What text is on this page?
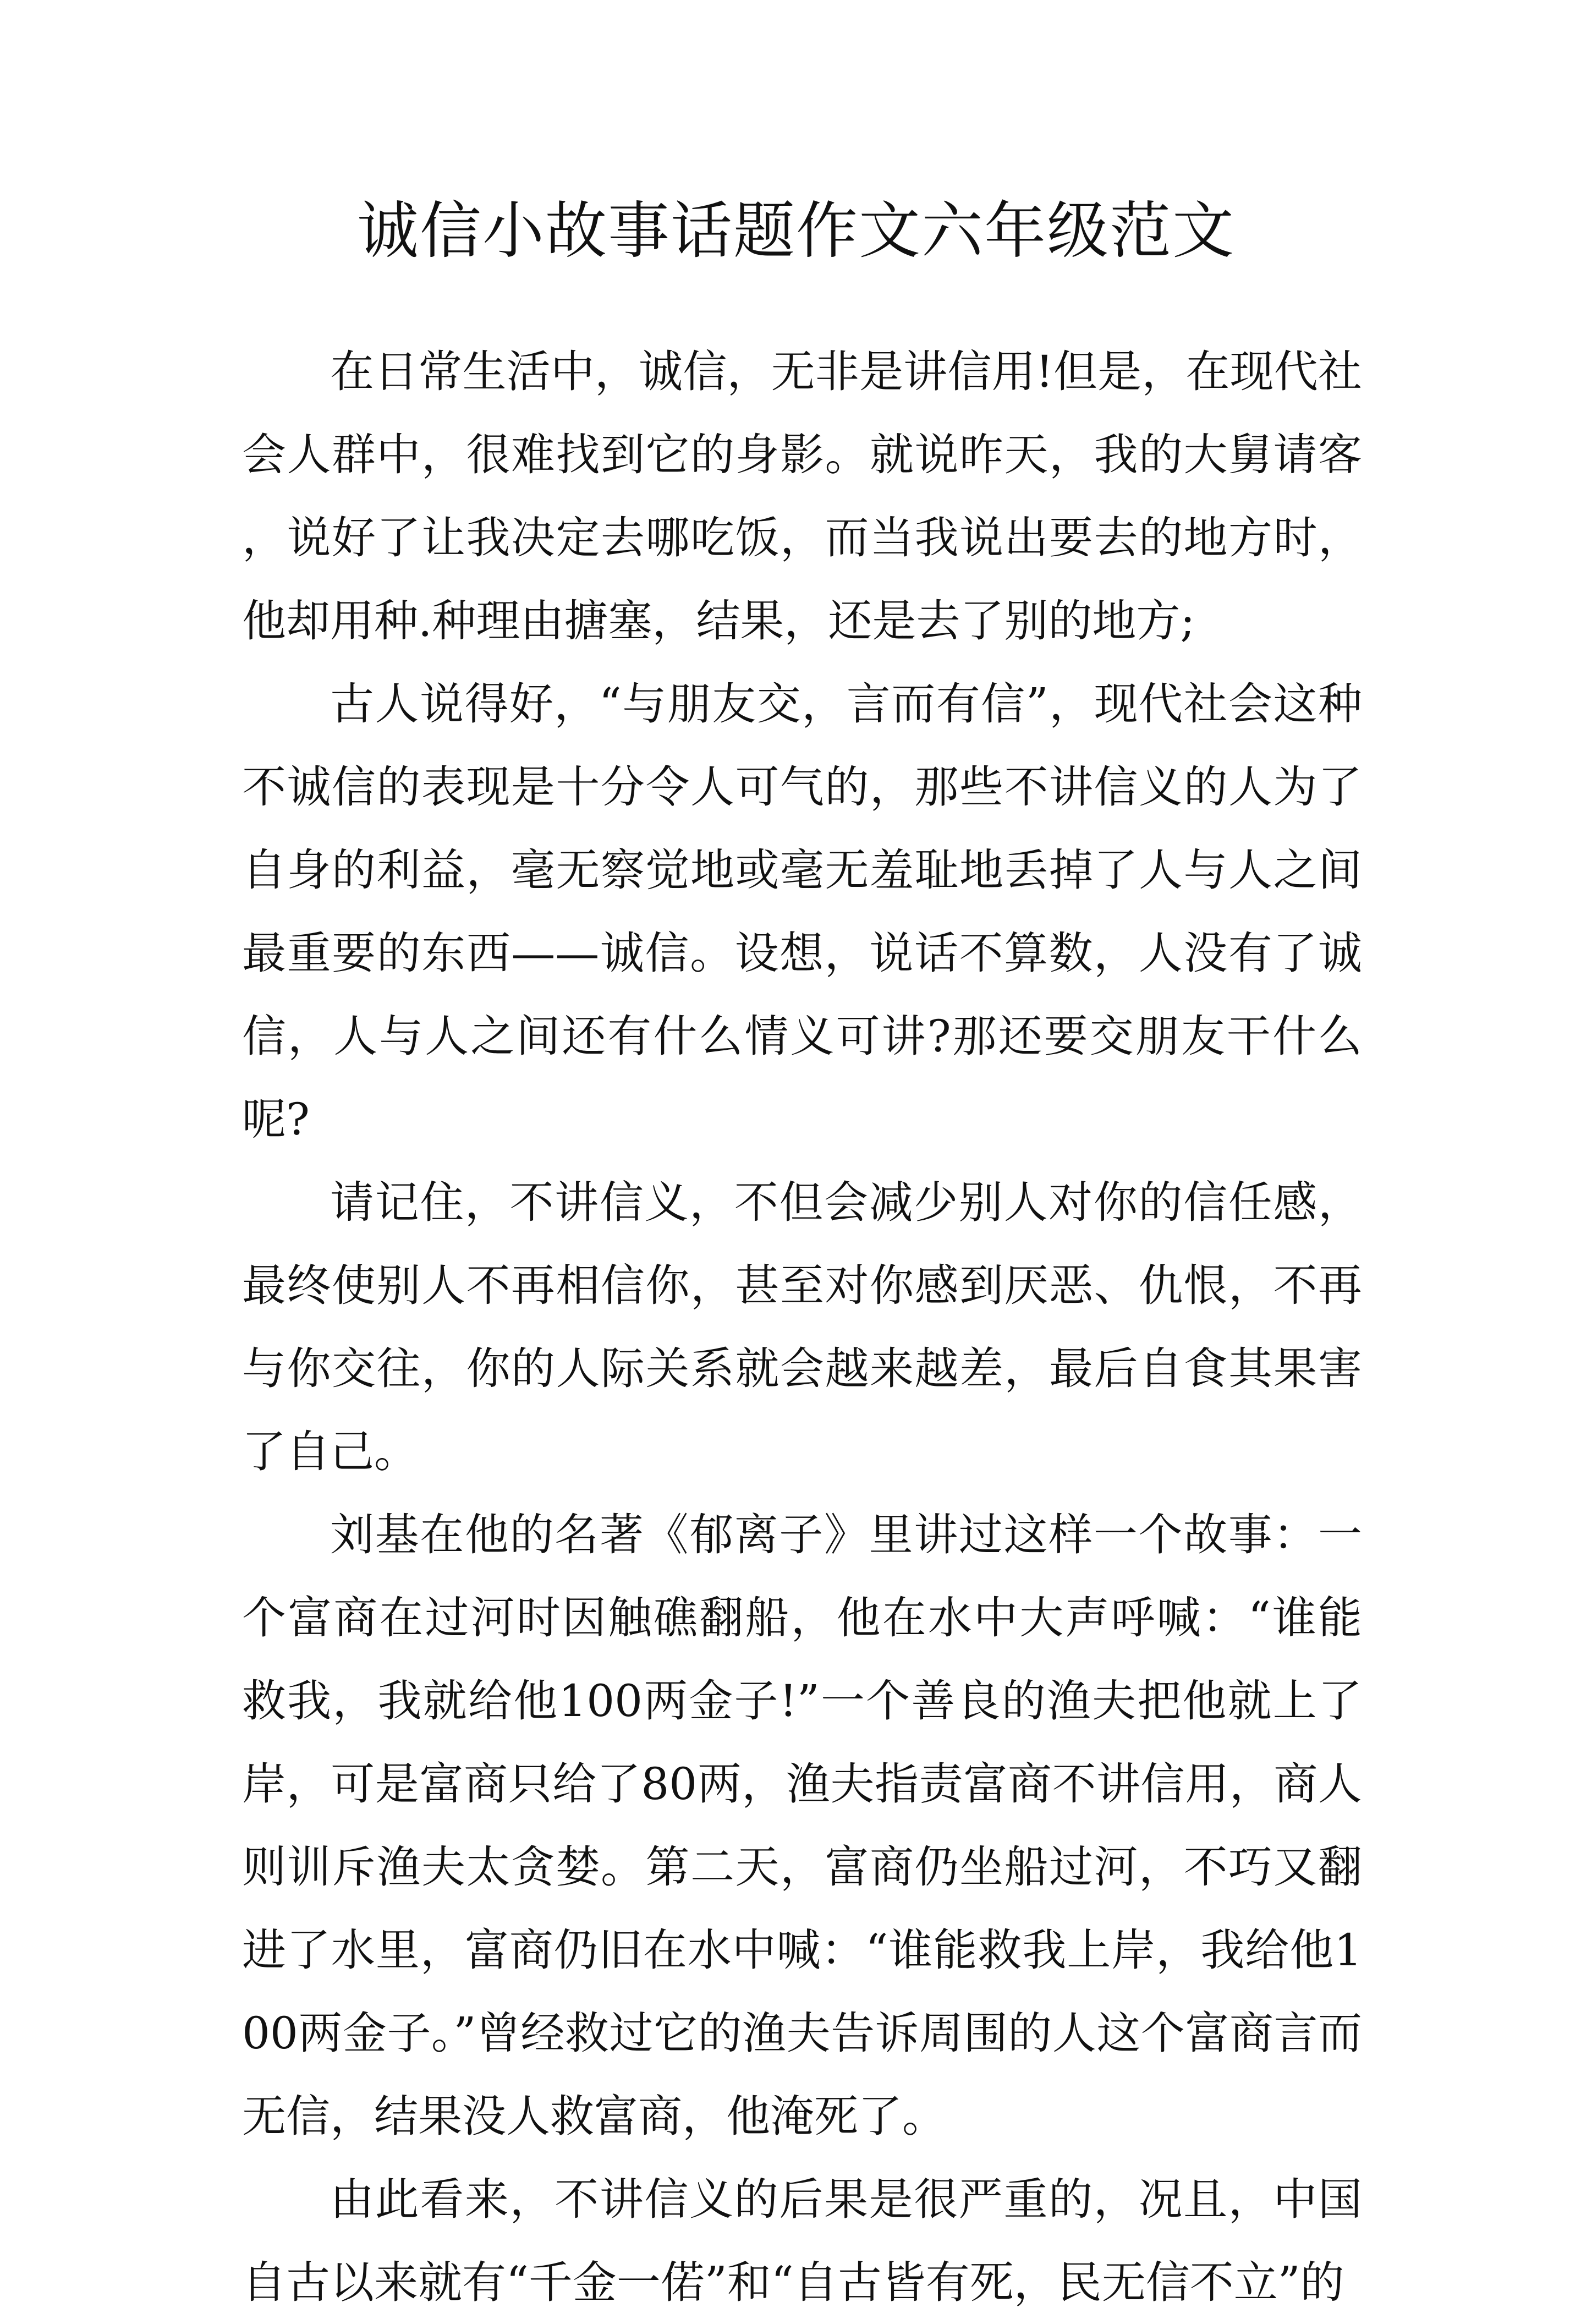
诚信小故事话题作文六年级范文

在日常生活中，诚信，无非是讲信用!但是，在现代社会人群中，很难找到它的身影。就说昨天，我的大舅请客，说好了让我决定去哪吃饭，而当我说出要去的地方时，他却用种.种理由搪塞，结果，还是去了别的地方;

古人说得好，“与朋友交，言而有信”，现代社会这种不诚信的表现是十分令人可气的，那些不讲信义的人为了自身的利益，毫无察觉地或毫无羞耻地丢掉了人与人之间最重要的东西——诚信。设想，说话不算数，人没有了诚信，人与人之间还有什么情义可讲?那还要交朋友干什么呢?

请记住，不讲信义，不但会减少别人对你的信任感，最终使别人不再相信你，甚至对你感到厌恶、仇恨，不再与你交往，你的人际关系就会越来越差，最后自食其果害了自己。

刘基在他的名著《郁离子》里讲过这样一个故事：一个富商在过河时因触礁翻船，他在水中大声呼喊：“谁能救我，我就给他100两金子!”一个善良的渔夫把他就上了岸，可是富商只给了80两，渔夫指责富商不讲信用，商人则训斥渔夫太贪婪。第二天，富商仍坐船过河，不巧又翻进了水里，富商仍旧在水中喊：“谁能救我上岸，我给他100两金子。”曾经救过它的渔夫告诉周围的人这个富商言而无信，结果没人救富商，他淹死了。

由此看来，不讲信义的后果是很严重的，况且，中国自古以来就有“千金一偌”和“自古皆有死，民无信不立”的
